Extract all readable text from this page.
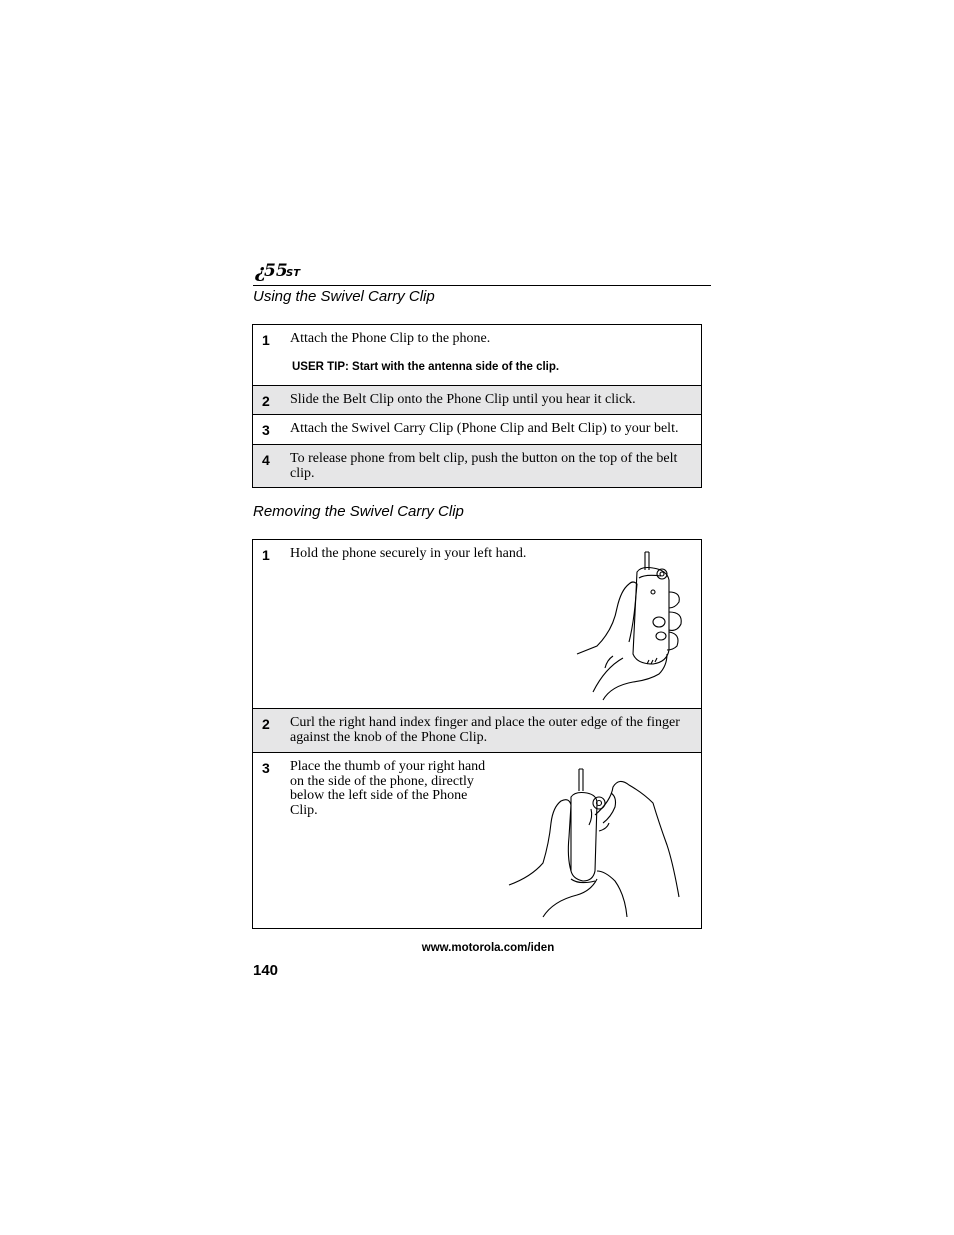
¿
55
ST
Using the Swivel Carry Clip
1 Attach the Phone Clip to the phone.
USER TIP: Start with the antenna side of the clip.
2 Slide the Belt Clip onto the Phone Clip until you hear it click.
3 Attach the Swivel Carry Clip (Phone Clip and Belt Clip) to your belt.
4 To release phone from belt clip, push the button on the top of the belt clip.
Removing the Swivel Carry Clip
1 Hold the phone securely in your left hand.
2 Curl the right hand index finger and place the outer edge of the finger against the knob of the Phone Clip.
3 Place the thumb of your right hand on the side of the phone, directly below the left side of the Phone Clip.
www.motorola.com/iden
140
